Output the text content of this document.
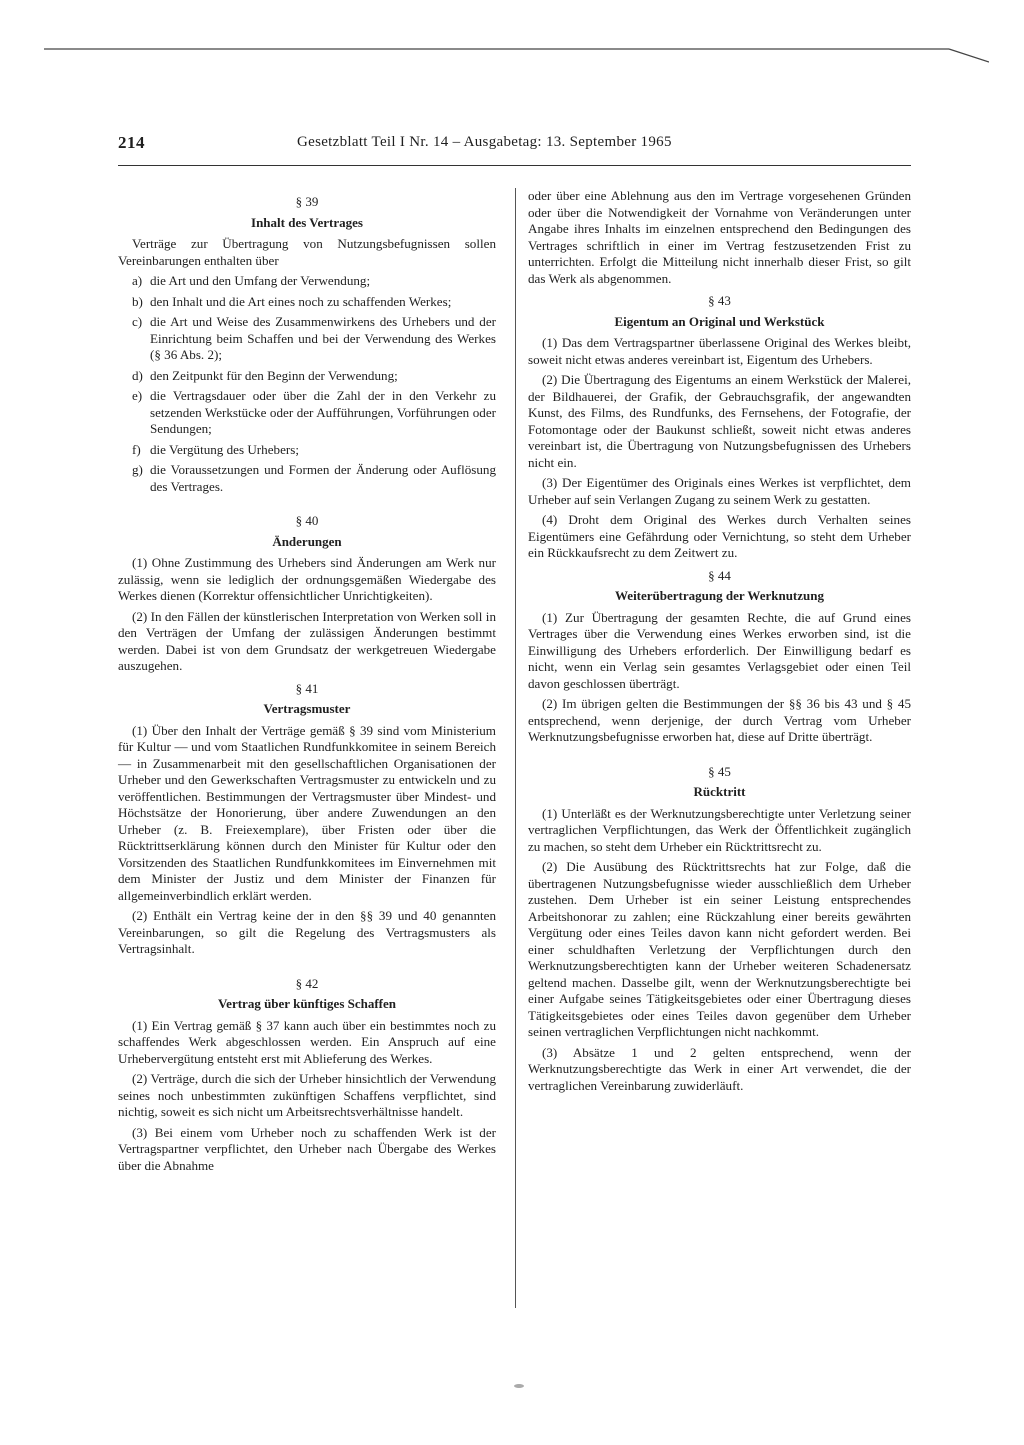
214	Gesetzblatt Teil I Nr. 14 – Ausgabetag: 13. September 1965
§ 39
Inhalt des Vertrages

Verträge zur Übertragung von Nutzungsbefugnissen sollen Vereinbarungen enthalten über

a) die Art und den Umfang der Verwendung;

b) den Inhalt und die Art eines noch zu schaffenden Werkes;

c) die Art und Weise des Zusammenwirkens des Urhebers und der Einrichtung beim Schaffen und bei der Verwendung des Werkes (§ 36 Abs. 2);

d) den Zeitpunkt für den Beginn der Verwendung;

e) die Vertragsdauer oder über die Zahl der in den Verkehr zu setzenden Werkstücke oder der Aufführungen, Vorführungen oder Sendungen;

f) die Vergütung des Urhebers;

g) die Voraussetzungen und Formen der Änderung oder Auflösung des Vertrages.

§ 40
Änderungen

(1) Ohne Zustimmung des Urhebers sind Änderungen am Werk nur zulässig, wenn sie lediglich der ordnungsgemäßen Wiedergabe des Werkes dienen (Korrektur offensichtlicher Unrichtigkeiten).

(2) In den Fällen der künstlerischen Interpretation von Werken soll in den Verträgen der Umfang der zulässigen Änderungen bestimmt werden. Dabei ist von dem Grundsatz der werkgetreuen Wiedergabe auszugehen.

§ 41
Vertragsmuster

(1) Über den Inhalt der Verträge gemäß § 39 sind vom Ministerium für Kultur — und vom Staatlichen Rundfunkkomitee in seinem Bereich — in Zusammenarbeit mit den gesellschaftlichen Organisationen der Urheber und den Gewerkschaften Vertragsmuster zu entwickeln und zu veröffentlichen. Bestimmungen der Vertragsmuster über Mindest- und Höchstsätze der Honorierung, über andere Zuwendungen an den Urheber (z. B. Freiexemplare), über Fristen oder über die Rücktrittserklärung können durch den Minister für Kultur oder den Vorsitzenden des Staatlichen Rundfunkkomitees im Einvernehmen mit dem Minister der Justiz und dem Minister der Finanzen für allgemeinverbindlich erklärt werden.

(2) Enthält ein Vertrag keine der in den §§ 39 und 40 genannten Vereinbarungen, so gilt die Regelung des Vertragsmusters als Vertragsinhalt.

§ 42
Vertrag über künftiges Schaffen

(1) Ein Vertrag gemäß § 37 kann auch über ein bestimmtes noch zu schaffendes Werk abgeschlossen werden. Ein Anspruch auf eine Urhebervergütung entsteht erst mit Ablieferung des Werkes.

(2) Verträge, durch die sich der Urheber hinsichtlich der Verwendung seines noch unbestimmten zukünftigen Schaffens verpflichtet, sind nichtig, soweit es sich nicht um Arbeitsrechtsverhältnisse handelt.

(3) Bei einem vom Urheber noch zu schaffenden Werk ist der Vertragspartner verpflichtet, den Urheber nach Übergabe des Werkes über die Abnahme

oder über eine Ablehnung aus den im Vertrage vorgesehenen Gründen oder über die Notwendigkeit der Vornahme von Veränderungen unter Angabe ihres Inhalts im einzelnen entsprechend den Bedingungen des Vertrages schriftlich in einer im Vertrag festzusetzenden Frist zu unterrichten. Erfolgt die Mitteilung nicht innerhalb dieser Frist, so gilt das Werk als abgenommen.

§ 43
Eigentum an Original und Werkstück

(1) Das dem Vertragspartner überlassene Original des Werkes bleibt, soweit nicht etwas anderes vereinbart ist, Eigentum des Urhebers.

(2) Die Übertragung des Eigentums an einem Werkstück der Malerei, der Bildhauerei, der Grafik, der Gebrauchsgrafik, der angewandten Kunst, des Films, des Rundfunks, des Fernsehens, der Fotografie, der Fotomontage oder der Baukunst schließt, soweit nicht etwas anderes vereinbart ist, die Übertragung von Nutzungsbefugnissen des Urhebers nicht ein.

(3) Der Eigentümer des Originals eines Werkes ist verpflichtet, dem Urheber auf sein Verlangen Zugang zu seinem Werk zu gestatten.

(4) Droht dem Original des Werkes durch Verhalten seines Eigentümers eine Gefährdung oder Vernichtung, so steht dem Urheber ein Rückkaufsrecht zu dem Zeitwert zu.

§ 44
Weiterübertragung der Werknutzung

(1) Zur Übertragung der gesamten Rechte, die auf Grund eines Vertrages über die Verwendung eines Werkes erworben sind, ist die Einwilligung des Urhebers erforderlich. Der Einwilligung bedarf es nicht, wenn ein Verlag sein gesamtes Verlagsgebiet oder einen Teil davon geschlossen überträgt.

(2) Im übrigen gelten die Bestimmungen der §§ 36 bis 43 und § 45 entsprechend, wenn derjenige, der durch Vertrag vom Urheber Werknutzungsbefugnisse erworben hat, diese auf Dritte überträgt.

§ 45
Rücktritt

(1) Unterläßt es der Werknutzungsberechtigte unter Verletzung seiner vertraglichen Verpflichtungen, das Werk der Öffentlichkeit zugänglich zu machen, so steht dem Urheber ein Rücktrittsrecht zu.

(2) Die Ausübung des Rücktrittsrechts hat zur Folge, daß die übertragenen Nutzungsbefugnisse wieder ausschließlich dem Urheber zustehen. Dem Urheber ist ein seiner Leistung entsprechendes Arbeitshonorar zu zahlen; eine Rückzahlung einer bereits gewährten Vergütung oder eines Teiles davon kann nicht gefordert werden. Bei einer schuldhaften Verletzung der Verpflichtungen durch den Werknutzungsberechtigten kann der Urheber weiteren Schadenersatz geltend machen. Dasselbe gilt, wenn der Werknutzungsberechtigte bei einer Aufgabe seines Tätigkeitsgebietes oder einer Übertragung dieses Tätigkeitsgebietes oder eines Teiles davon gegenüber dem Urheber seinen vertraglichen Verpflichtungen nicht nachkommt.

(3) Absätze 1 und 2 gelten entsprechend, wenn der Werknutzungsberechtigte das Werk in einer Art verwendet, die der vertraglichen Vereinbarung zuwiderläuft.
